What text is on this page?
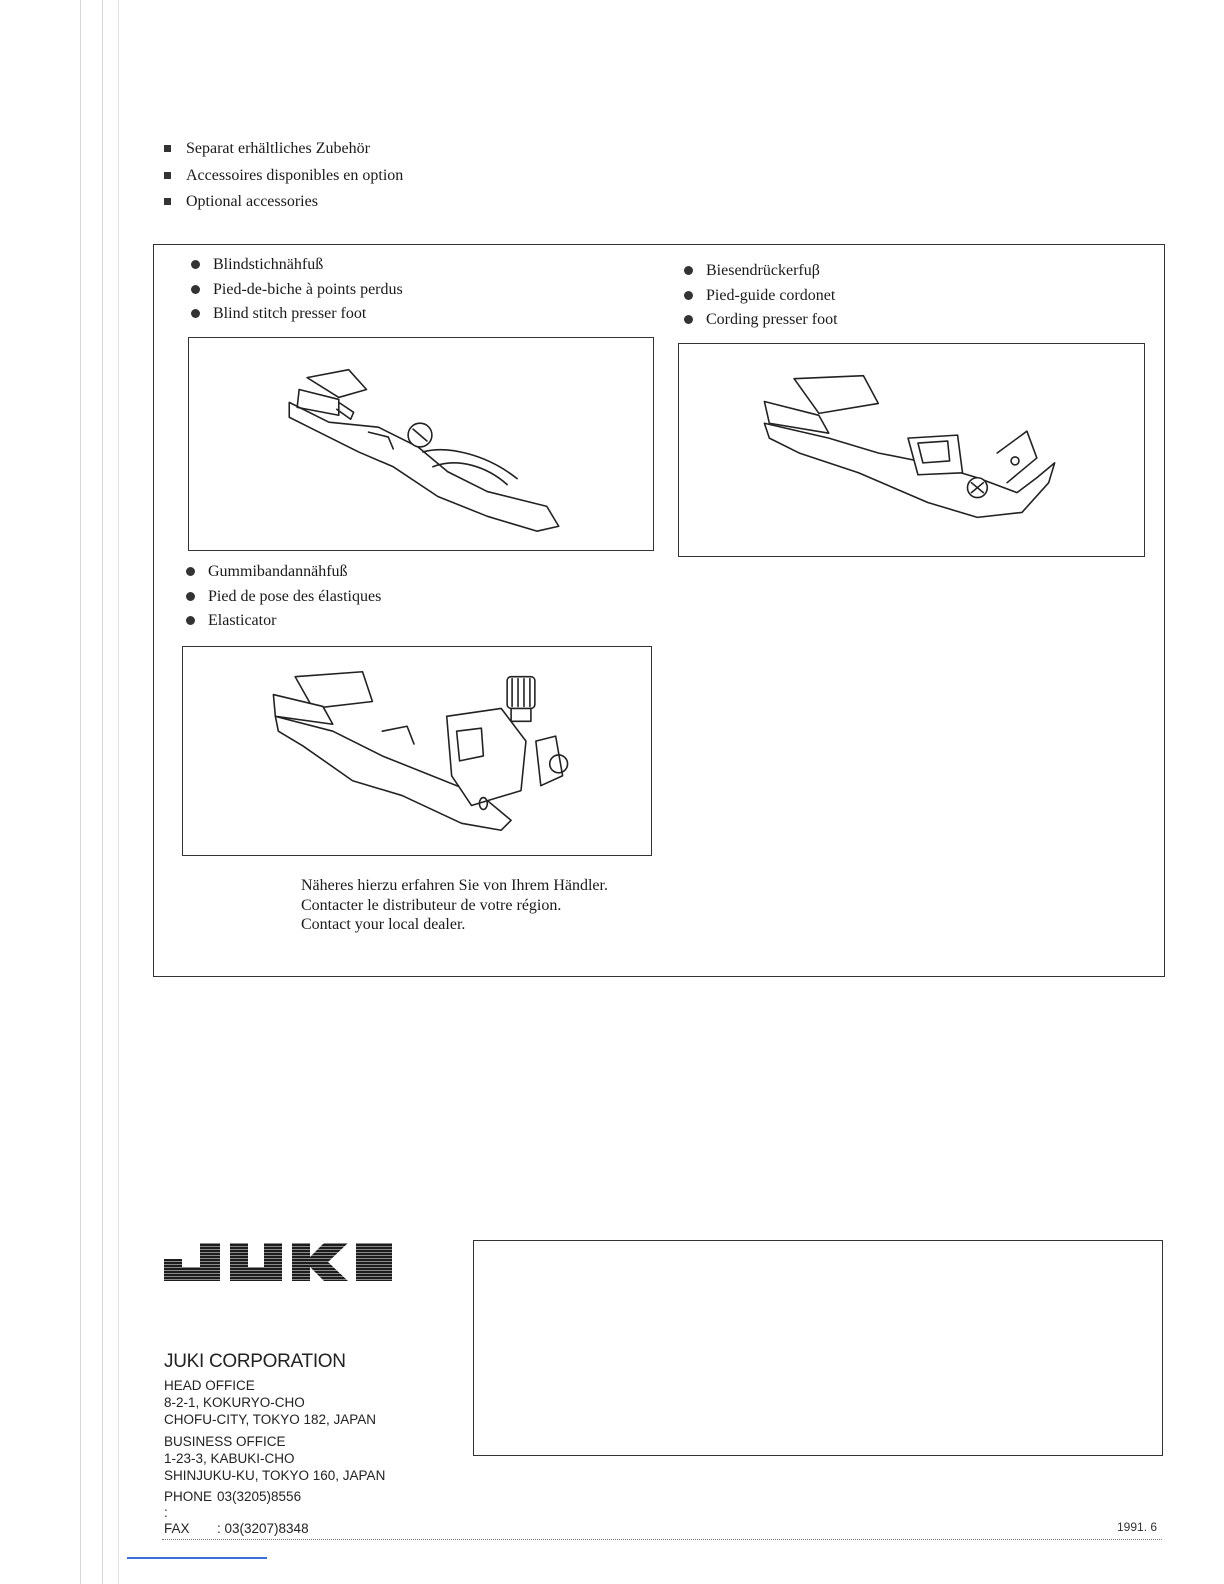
Separat erhältliches Zubehör
Accessoires disponibles en option
Optional accessories
Blindstichnähfuß
Pied-de-biche à points perdus
Blind stitch presser foot
Biesendrückerfuβ
Pied-guide cordonet
Cording presser foot
Gummibandannähfuß
Pied de pose des élastiques
Elasticator
Näheres hierzu erfahren Sie von Ihrem Händler.
Contacter le distributeur de votre région.
Contact your local dealer.
JUKI CORPORATION
HEAD OFFICE
8-2-1, KOKURYO-CHO
CHOFU-CITY, TOKYO 182, JAPAN
BUSINESS OFFICE
1-23-3, KABUKI-CHO
SHINJUKU-KU, TOKYO 160, JAPAN
PHONE :
03(3205)8556
FAX	: 03(3207)8348	1991. 6
